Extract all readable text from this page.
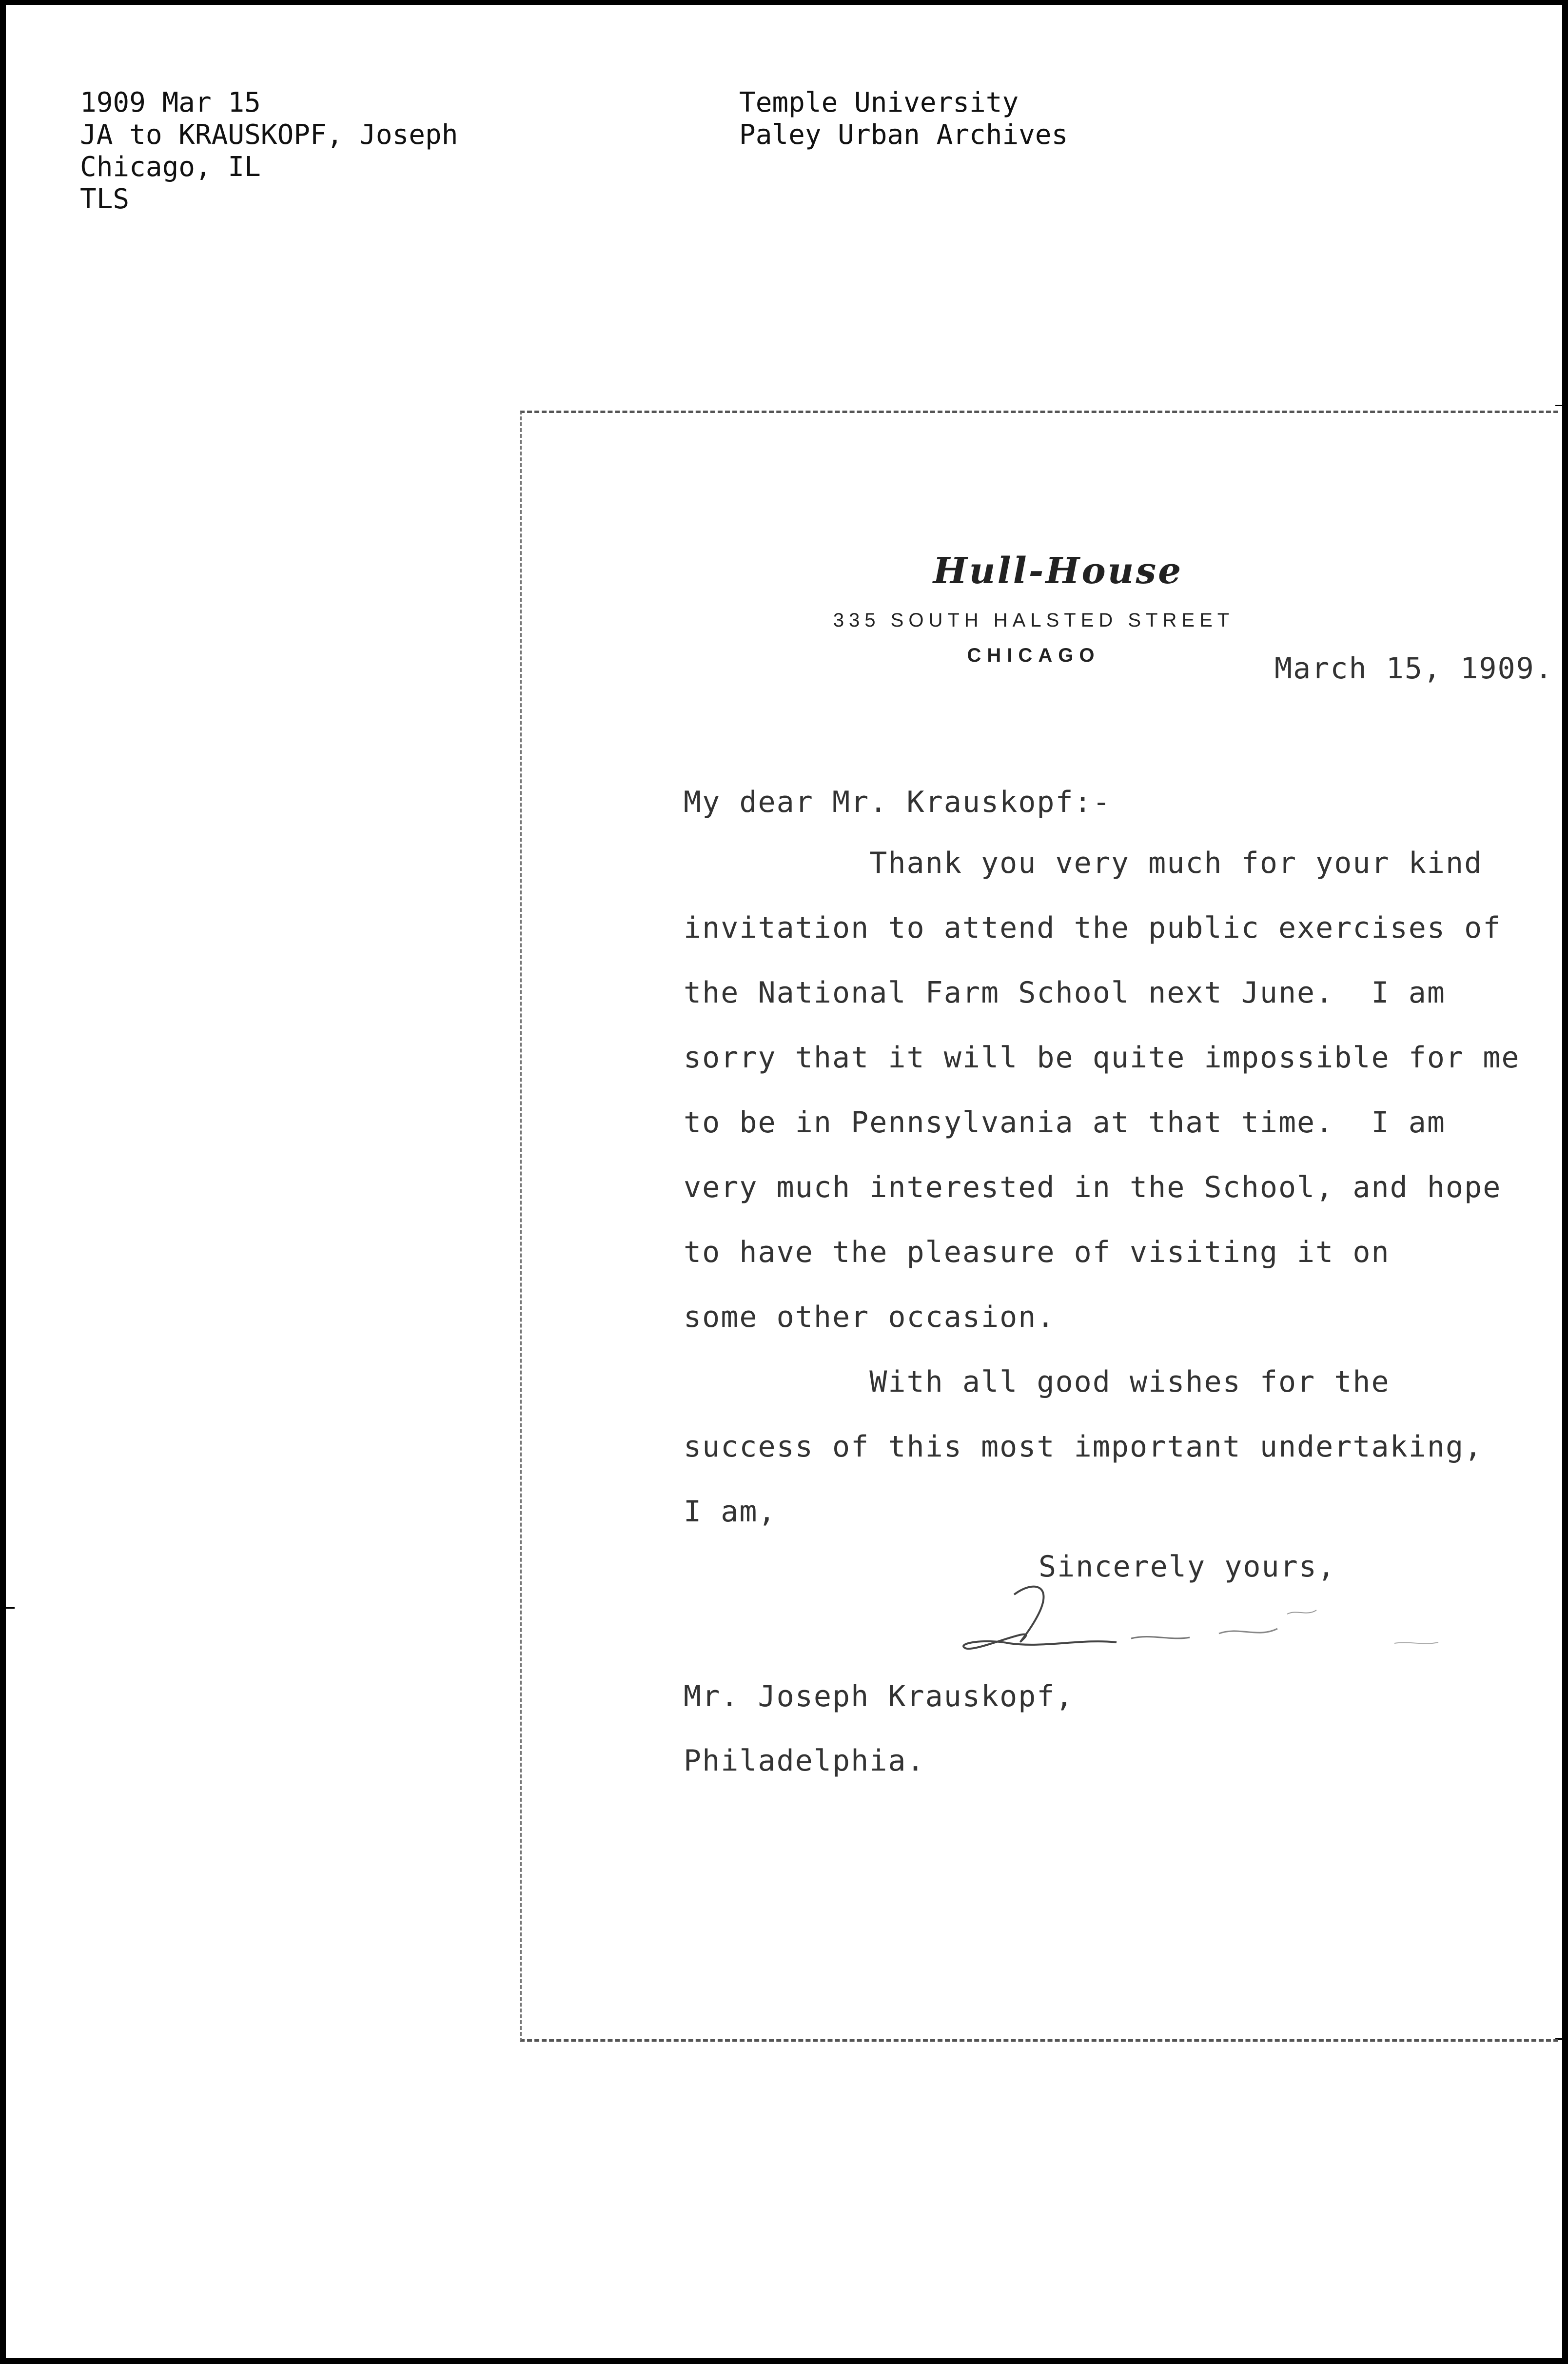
1909 Mar 15
JA to KRAUSKOPF, Joseph
Chicago, IL
TLS
Temple University
Paley Urban Archives
Hull-House
335 SOUTH HALSTED STREET
CHICAGO	March 15, 1909.
My dear Mr. Krauskopf:-
Thank you very much for your kind
invitation to attend the public exercises of
the National Farm School next June.  I am
sorry that it will be quite impossible for me
to be in Pennsylvania at that time.  I am
very much interested in the School, and hope
to have the pleasure of visiting it on
some other occasion.
With all good wishes for the
success of this most important undertaking,
I am,
Sincerely yours,
Mr. Joseph Krauskopf,
Philadelphia.
